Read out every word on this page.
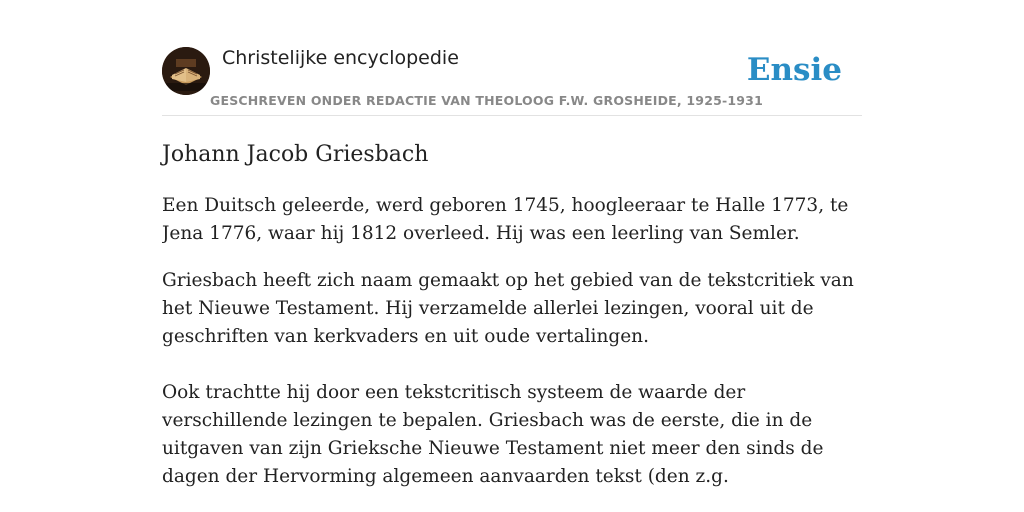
Christelijke encyclopedie
GESCHREVEN ONDER REDACTIE VAN THEOLOOG F.W. GROSHEIDE, 1925-1931
Ensie
Johann Jacob Griesbach

Een Duitsch geleerde, werd geboren 1745, hoogleeraar te Halle 1773, te Jena 1776, waar hij 1812 overleed. Hij was een leerling van Semler.

Griesbach heeft zich naam gemaakt op het gebied van de tekstcritiek van het Nieuwe Testament. Hij verzamelde allerlei lezingen, vooral uit de geschriften van kerkvaders en uit oude vertalingen.

Ook trachtte hij door een tekstcritisch systeem de waarde der verschillende lezingen te bepalen. Griesbach was de eerste, die in de uitgaven van zijn Grieksche Nieuwe Testament niet meer den sinds de dagen der Hervorming algemeen aanvaarden tekst (den z.g.
